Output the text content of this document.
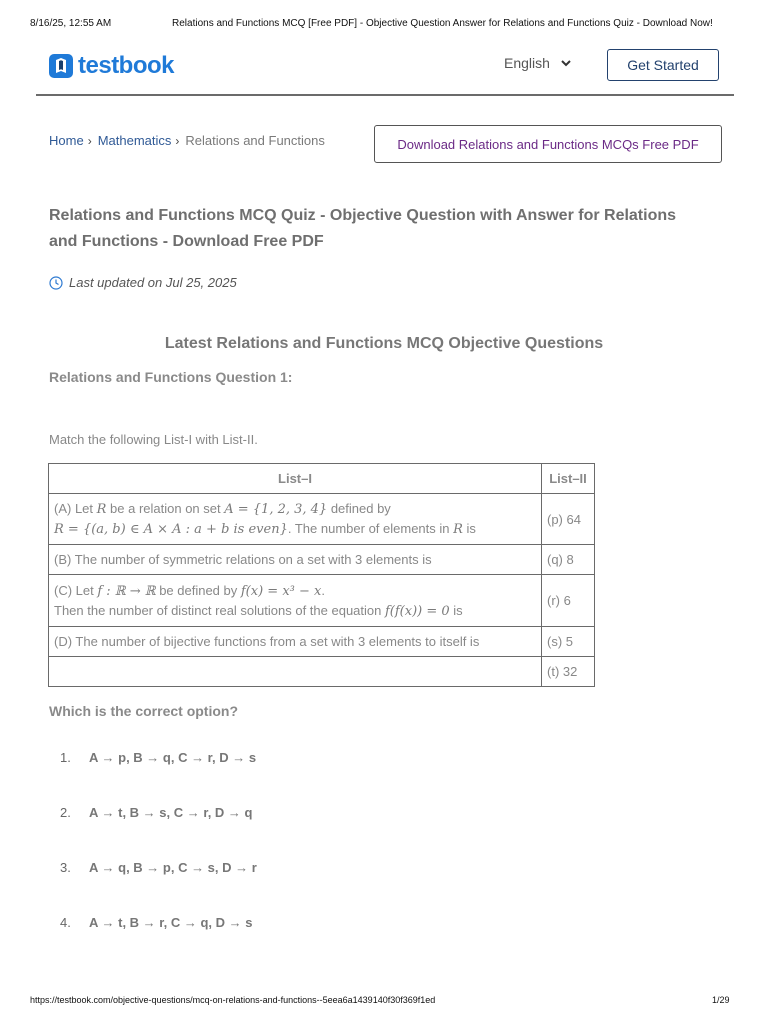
8/16/25, 12:55 AM	Relations and Functions MCQ [Free PDF] - Objective Question Answer for Relations and Functions Quiz - Download Now!
testbook	English	Get Started
Home › Mathematics › Relations and Functions	Download Relations and Functions MCQs Free PDF
Relations and Functions MCQ Quiz - Objective Question with Answer for Relations
and Functions - Download Free PDF
Last updated on Jul 25, 2025
Latest Relations and Functions MCQ Objective Questions
Relations and Functions Question 1:
Match the following List-I with List-II.
List–I	List–II

(A) Let R be a relation on set A = {1, 2, 3, 4} defined by
R = {(a, b) ∈ A × A : a + b is even}. The number of elements in R is	(p) 64
(B) The number of symmetric relations on a set with 3 elements is	(q) 8

(C) Let f : ℝ → ℝ be defined by f(x) = x³ − x.
Then the number of distinct real solutions of the equation f(f(x)) = 0 is	(r) 6
(D) The number of bijective functions from a set with 3 elements to itself is	(s) 5
	(t) 32
Which is the correct option?
1.	A → p, B → q, C → r, D → s
2.	A → t, B → s, C → r, D → q
3.	A → q, B → p, C → s, D → r
4.	A → t, B → r, C → q, D → s
https://testbook.com/objective-questions/mcq-on-relations-and-functions--5eea6a1439140f30f369f1ed	1/29
